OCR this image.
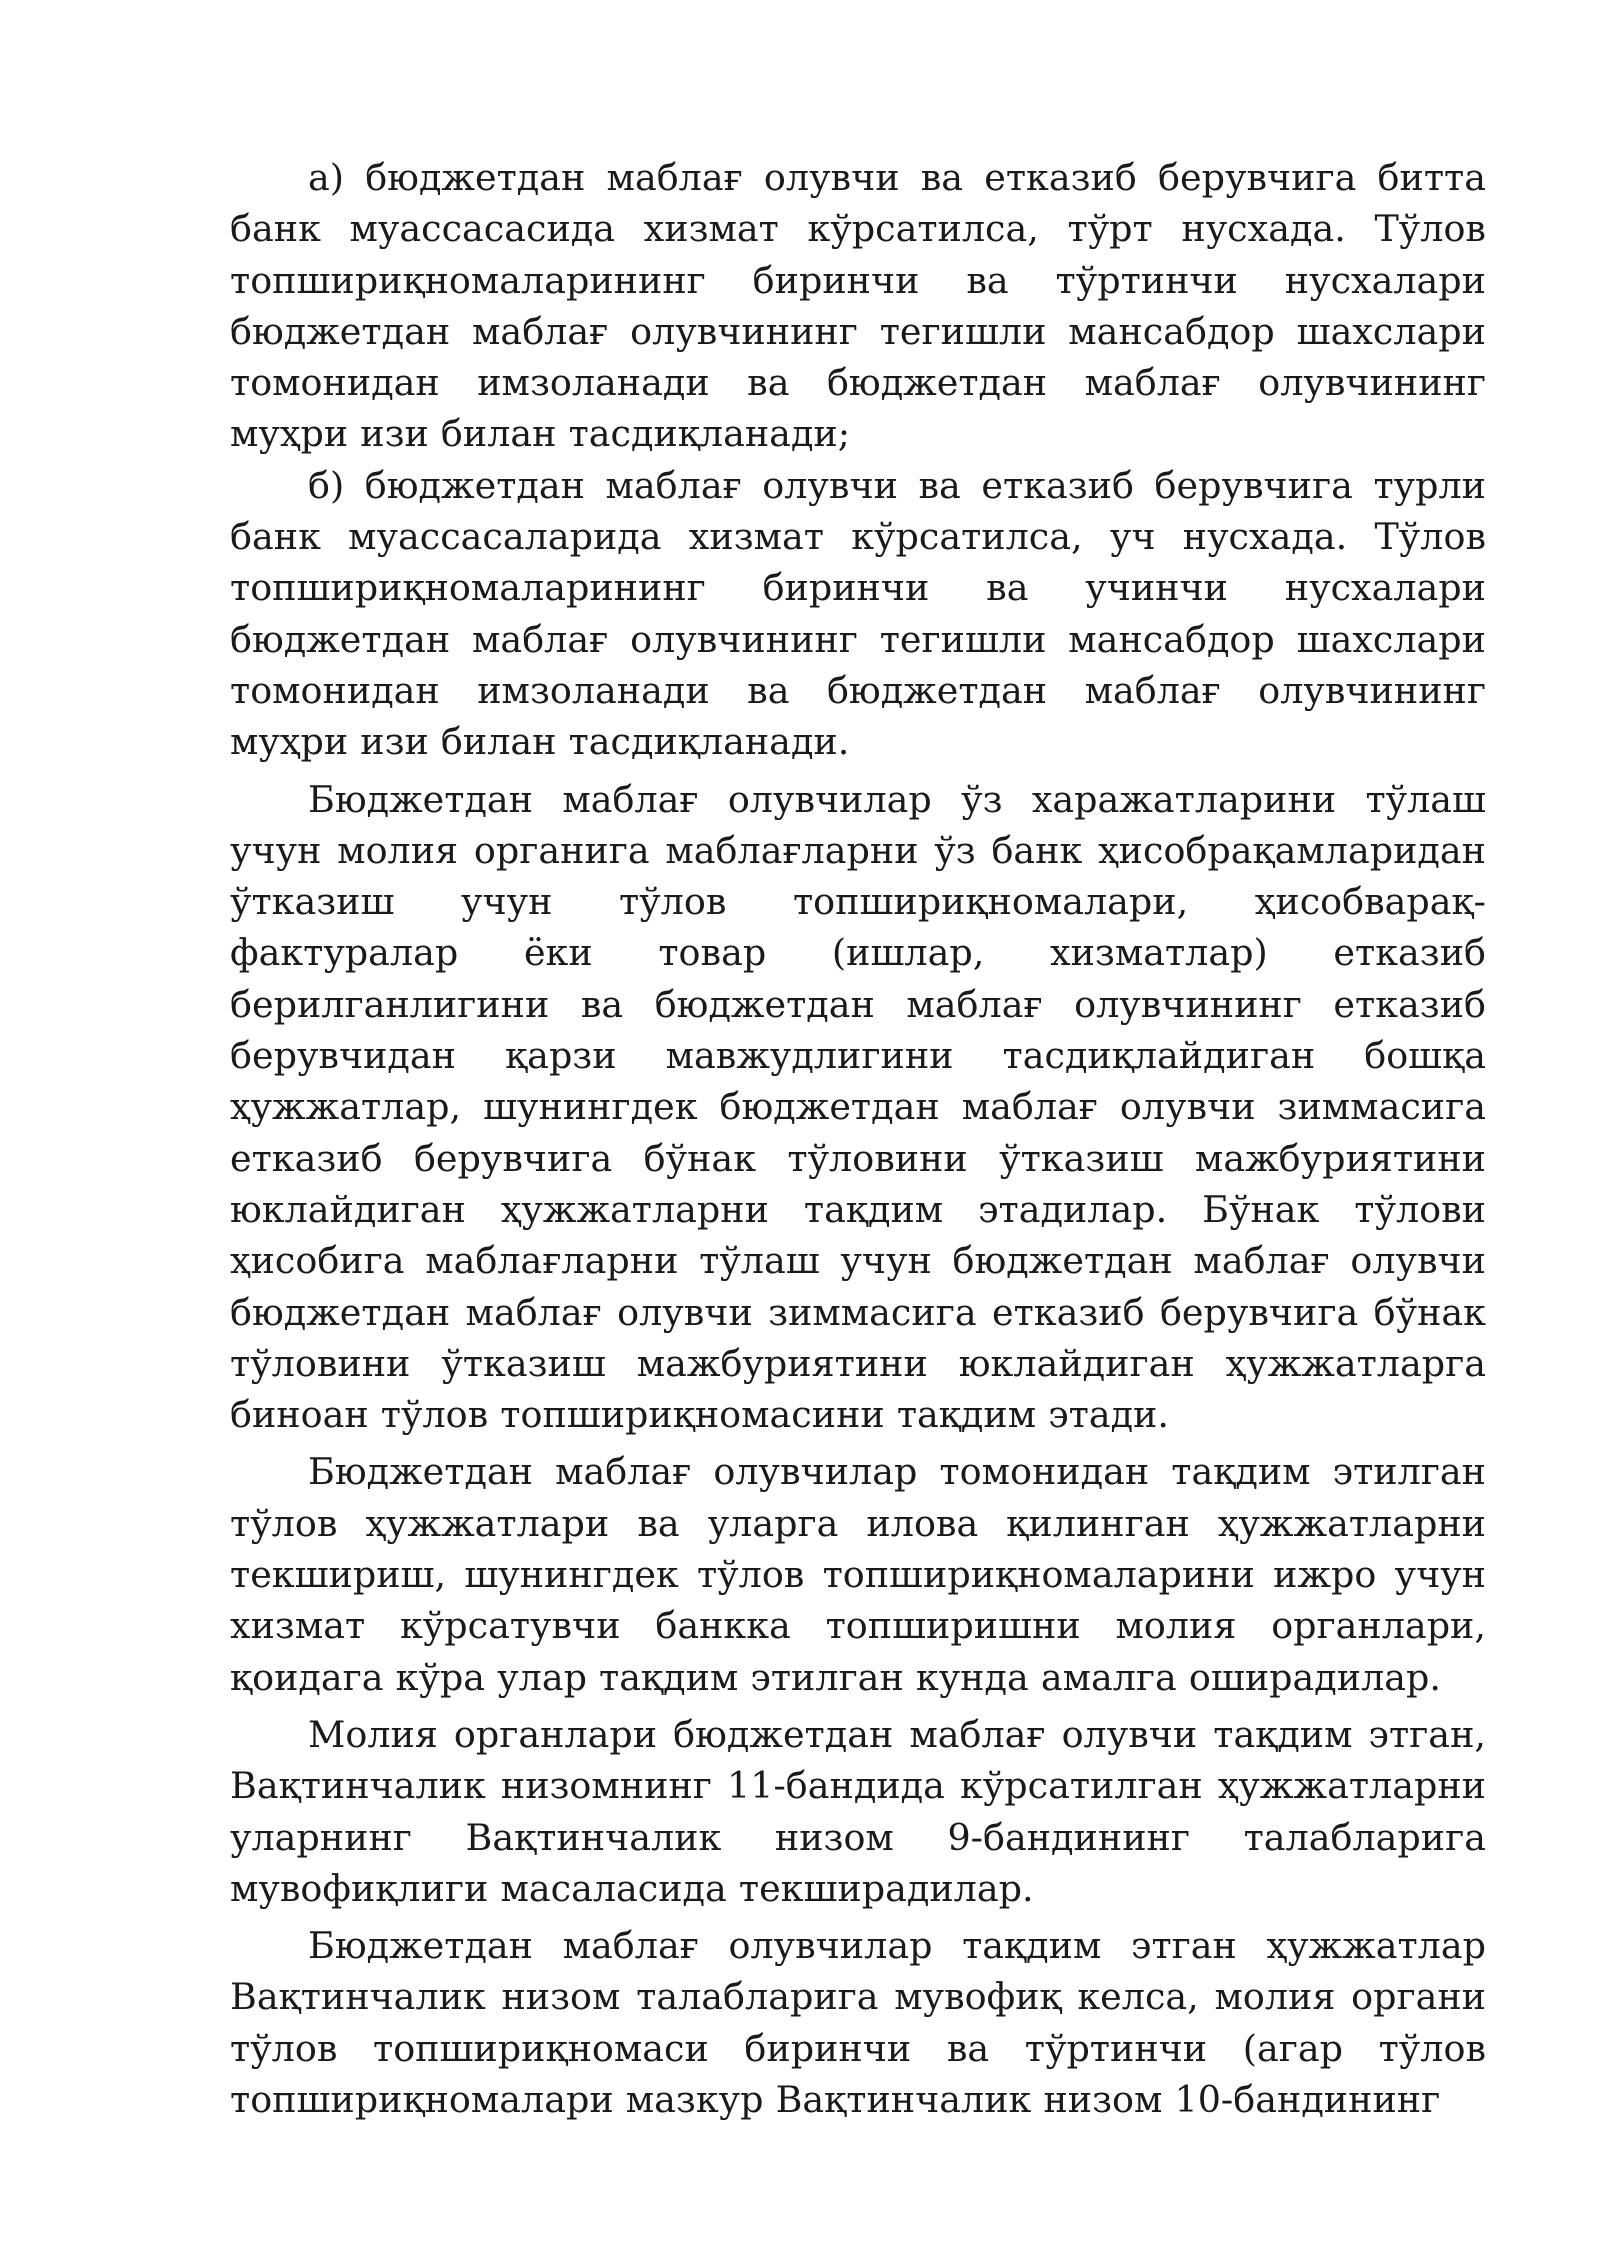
а) бюджетдан маблағ олувчи ва етказиб берувчига битта банк муассасасида хизмат кўрсатилса, тўрт нусхада. Тўлов топшириқномаларининг биринчи ва тўртинчи нусхалари бюджетдан маблағ олувчининг тегишли мансабдор шахслари томонидан имзоланади ва бюджетдан маблағ олувчининг муҳри изи билан тасдиқланади;

б) бюджетдан маблағ олувчи ва етказиб берувчига турли банк муассасаларида хизмат кўрсатилса, уч нусхада. Тўлов топшириқномаларининг биринчи ва учинчи нусхалари бюджетдан маблағ олувчининг тегишли мансабдор шахслари томонидан имзоланади ва бюджетдан маблағ олувчининг муҳри изи билан тасдиқланади.

Бюджетдан маблағ олувчилар ўз харажатларини тўлаш учун молия органига маблағларни ўз банк ҳисобрақамларидан ўтказиш учун тўлов топшириқномалари, ҳисобварақ-фактуралар ёки товар (ишлар, хизматлар) етказиб берилганлигини ва бюджетдан маблағ олувчининг етказиб берувчидан қарзи мавжудлигини тасдиқлайдиган бошқа ҳужжатлар, шунингдек бюджетдан маблағ олувчи зиммасига етказиб берувчига бўнак тўловини ўтказиш мажбуриятини юклайдиган ҳужжатларни тақдим этадилар. Бўнак тўлови ҳисобига маблағларни тўлаш учун бюджетдан маблағ олувчи бюджетдан маблағ олувчи зиммасига етказиб берувчига бўнак тўловини ўтказиш мажбуриятини юклайдиган ҳужжатларга биноан тўлов топшириқномасини тақдим этади.

Бюджетдан маблағ олувчилар томонидан тақдим этилган тўлов ҳужжатлари ва уларга илова қилинган ҳужжатларни текшириш, шунингдек тўлов топшириқномаларини ижро учун хизмат кўрсатувчи банкка топширишни молия органлари, қоидага кўра улар тақдим этилган кунда амалга оширадилар.

Молия органлари бюджетдан маблағ олувчи тақдим этган, Вақтинчалик низомнинг 11-бандида кўрсатилган ҳужжатларни уларнинг Вақтинчалик низом 9-бандининг талабларига мувофиқлиги масаласида текширадилар.

Бюджетдан маблағ олувчилар тақдим этган ҳужжатлар Вақтинчалик низом талабларига мувофиқ келса, молия органи тўлов топшириқномаси биринчи ва тўртинчи (агар тўлов топшириқномалари мазкур Вақтинчалик низом 10-бандининг
